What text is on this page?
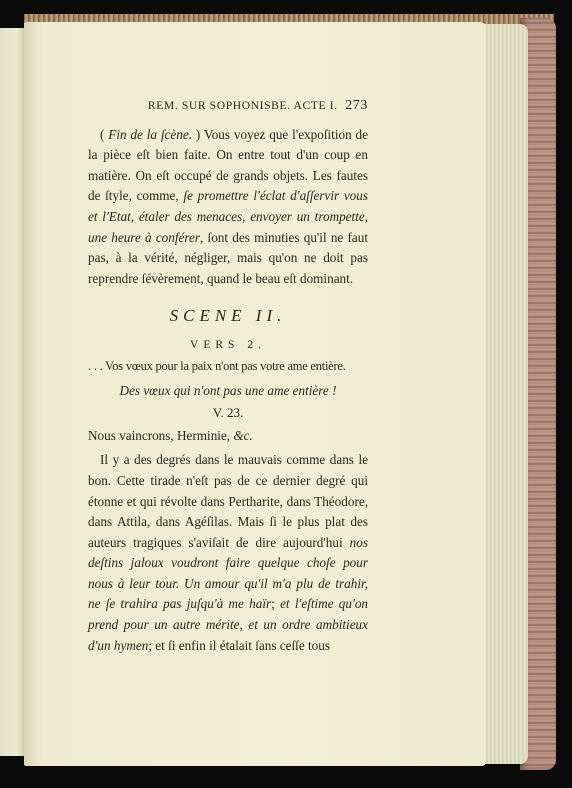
REM. SUR SOPHONISBE. ACTE I. 273

( Fin de la ſcène. ) Vous voyez que l'expoſition de la pièce eſt bien faite. On entre tout d'un coup en matière. On eſt occupé de grands objets. Les fautes de ſtyle, comme, ſe promettre l'éclat d'aſſervir vous et l'Etat, étaler des menaces, envoyer un trompette, une heure à conférer, ſont des minuties qu'il ne faut pas, à la vérité, négliger, mais qu'on ne doit pas reprendre ſévèrement, quand le beau eſt dominant.

SCENE II.
VERS 2.
. . . Vos vœux pour la paix n'ont pas votre ame entière.
Des vœux qui n'ont pas une ame entière !
V. 23.
Nous vaincrons, Herminie, &c.

Il y a des degrés dans le mauvais comme dans le bon. Cette tirade n'eſt pas de ce dernier degré qui étonne et qui révolte dans Pertharite, dans Théodore, dans Attila, dans Agéſilas. Mais ſi le plus plat des auteurs tragiques s'aviſait de dire aujourd'hui nos deſtins jaloux voudront faire quelque choſe pour nous à leur tour. Un amour qu'il m'a plu de trahir, ne ſe trahira pas juſqu'à me haïr; et l'eſtime qu'on prend pour un autre mérite, et un ordre ambitieux d'un hymen; et ſi enfin il étalait ſans ceſſe tous
